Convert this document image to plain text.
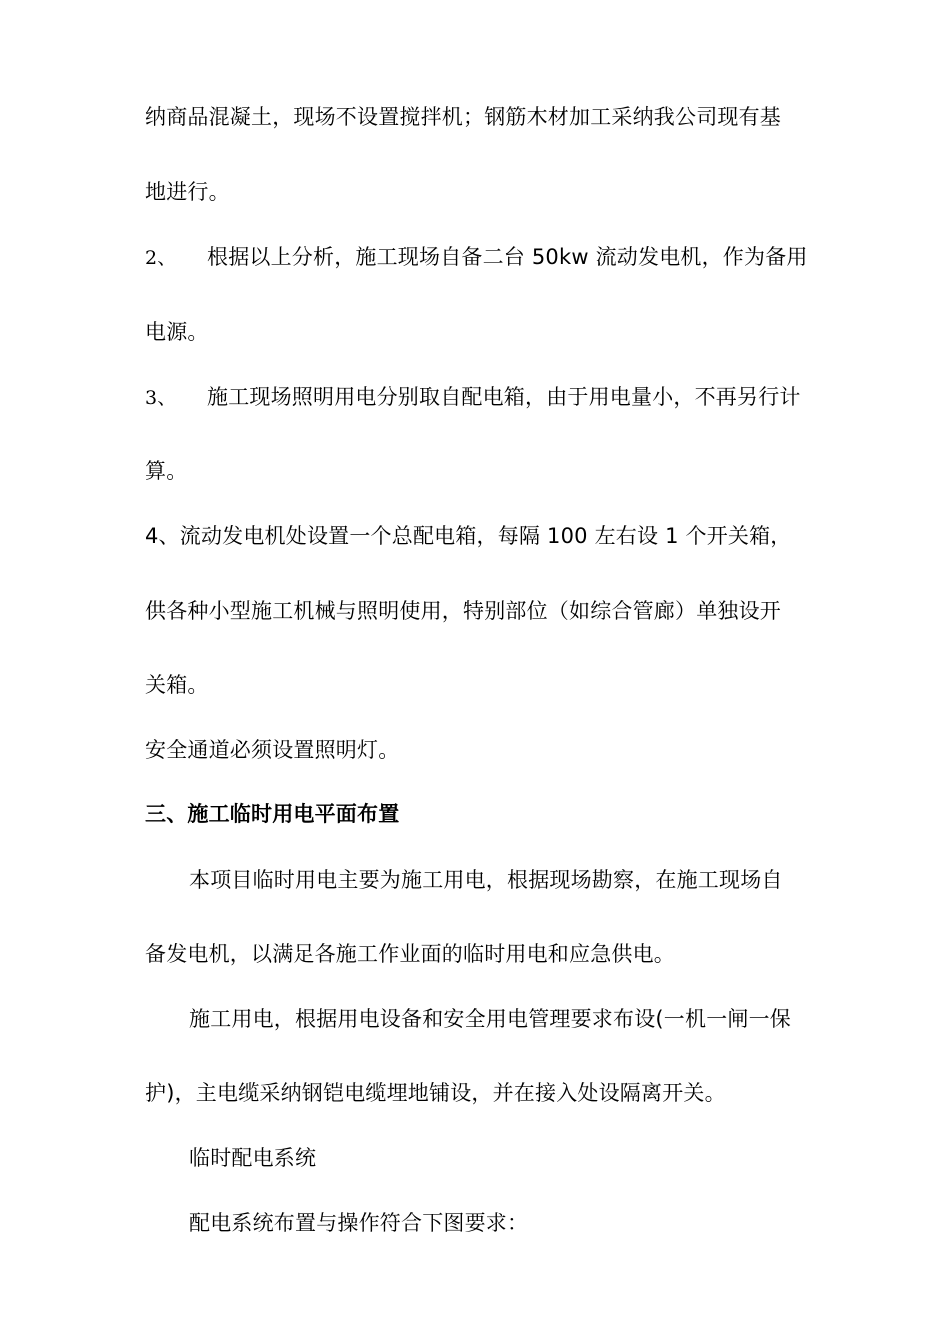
纳商品混凝土，现场不设置搅拌机；钢筋木材加工采纳我公司现有基
地进行。
2、 根据以上分析，施工现场自备二台 50kw 流动发电机，作为备用
电源。
3、 施工现场照明用电分别取自配电箱，由于用电量小，不再另行计
算。
4、流动发电机处设置一个总配电箱，每隔 100 左右设 1 个开关箱，
供各种小型施工机械与照明使用，特别部位（如综合管廊）单独设开
关箱。
安全通道必须设置照明灯。
三、施工临时用电平面布置
本项目临时用电主要为施工用电，根据现场勘察，在施工现场自
备发电机，以满足各施工作业面的临时用电和应急供电。
施工用电，根据用电设备和安全用电管理要求布设(一机一闸一保
护)，主电缆采纳钢铠电缆埋地铺设，并在接入处设隔离开关。
临时配电系统
配电系统布置与操作符合下图要求：
